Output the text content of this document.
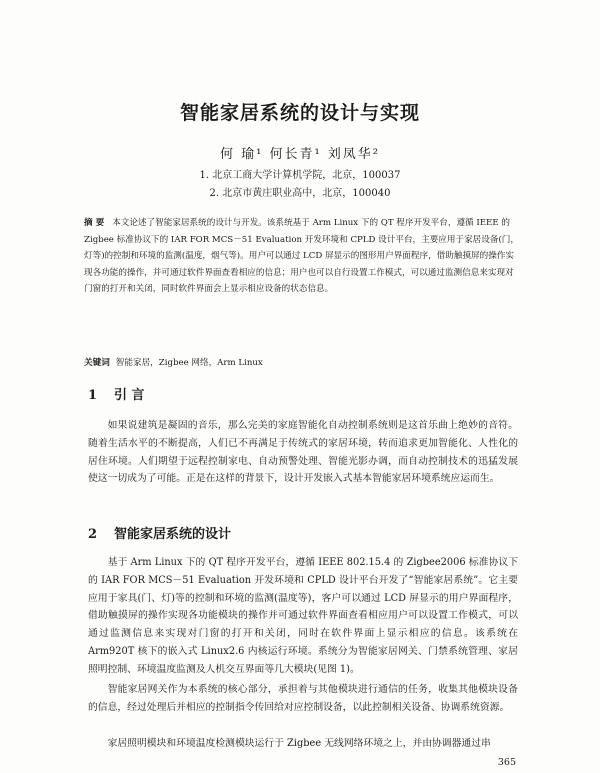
智能家居系统的设计与实现
何 瑜¹ 何长青¹ 刘凤华²
1. 北京工商大学计算机学院，北京，100037
2. 北京市黄庄职业高中，北京，100040
摘 要 本文论述了智能家居系统的设计与开发。该系统基于 Arm Linux 下的 QT 程序开发平台，遵循 IEEE 的 Zigbee 标准协议下的 IAR FOR MCS－51 Evaluation 开发环境和 CPLD 设计平台，主要应用于家居设备(门，灯等)的控制和环境的监测(温度，烟气等)。用户可以通过 LCD 屏显示的图形用户界面程序，借助触摸屏的操作实现各功能的操作，并可通过软件界面查看相应的信息；用户也可以自行设置工作模式，可以通过监测信息来实现对门窗的打开和关闭，同时软件界面会上显示相应设备的状态信息。
关键词 智能家居，Zigbee 网络，Arm Linux
1 引 言
如果说建筑是凝固的音乐，那么完美的家庭智能化自动控制系统则是这首乐曲上绝妙的音符。随着生活水平的不断提高，人们已不再满足于传统式的家居环境，转而追求更加智能化、人性化的居住环境。人们期望于远程控制家电、自动预警处理、智能光影办调，而自动控制技术的迅猛发展使这一切成为了可能。正是在这样的背景下，设计开发嵌入式基本智能家居环境系统应运而生。
2 智能家居系统的设计
基于 Arm Linux 下的 QT 程序开发平台，遵循 IEEE 802.15.4 的 Zigbee2006 标准协议下的 IAR FOR MCS－51 Evaluation 开发环境和 CPLD 设计平台开发了“智能家居系统”。它主要应用于家具(门、灯)等的控制和环境的监测(温度等)，客户可以通过 LCD 屏显示的用户界面程序，借助触摸屏的操作实现各功能模块的操作并可通过软件界面查看相应用户可以设置工作模式，可以通过监测信息来实现对门窗的打开和关闭，同时在软件界面上显示相应的信息。该系统在 Arm920T 核下的嵌入式 Linux2.6 内核运行环境。系统分为智能家居网关、门禁系统管理、家居照明控制、环境温度监测及人机交互界面等几大模块(见图 1)。
智能家居网关作为本系统的核心部分，承担着与其他模块进行通信的任务，收集其他模块设备的信息，经过处理后并相应的控制指令传回给对应控制设备，以此控制相关设备、协调系统资源。
家居照明模块和环境温度检测模块运行于 Zigbee 无线网络环境之上，并由协调器通过串
365
